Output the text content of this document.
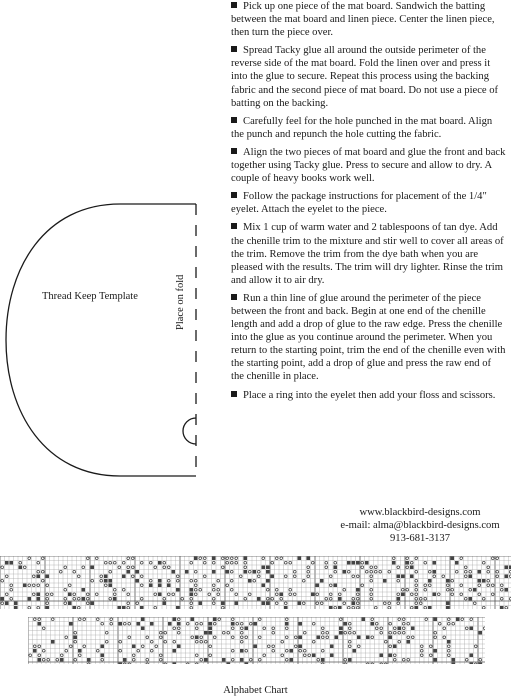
Pick up one piece of the mat board. Sandwich the batting between the mat board and linen piece. Center the linen piece, then turn the piece over.
Spread Tacky glue all around the outside perimeter of the reverse side of the mat board. Fold the linen over and press it into the glue to secure. Repeat this process using the backing fabric and the second piece of mat board. Do not use a piece of batting on the backing.
Carefully feel for the hole punched in the mat board. Align the punch and repunch the hole cutting the fabric.
Align the two pieces of mat board and glue the front and back together using Tacky glue. Press to secure and allow to dry. A couple of heavy books work well.
Follow the package instructions for placement of the 1/4" eyelet. Attach the eyelet to the piece.
Mix 1 cup of warm water and 2 tablespoons of tan dye. Add the chenille trim to the mixture and stir well to cover all areas of the trim. Remove the trim from the dye bath when you are pleased with the results. The trim will dry lighter. Rinse the trim and allow it to air dry.
Run a thin line of glue around the perimeter of the piece between the front and back. Begin at one end of the chenille length and add a drop of glue to the raw edge. Press the chenille into the glue as you continue around the perimeter. When you return to the starting point, trim the end of the chenille even with the starting point, add a drop of glue and press the raw end of the chenille in place.
Place a ring into the eyelet then add your floss and scissors.
Thread Keep Template	Place on fold
www.blackbird-designs.com
e-mail: alma@blackbird-designs.com
913-681-3137
Alphabet Chart
